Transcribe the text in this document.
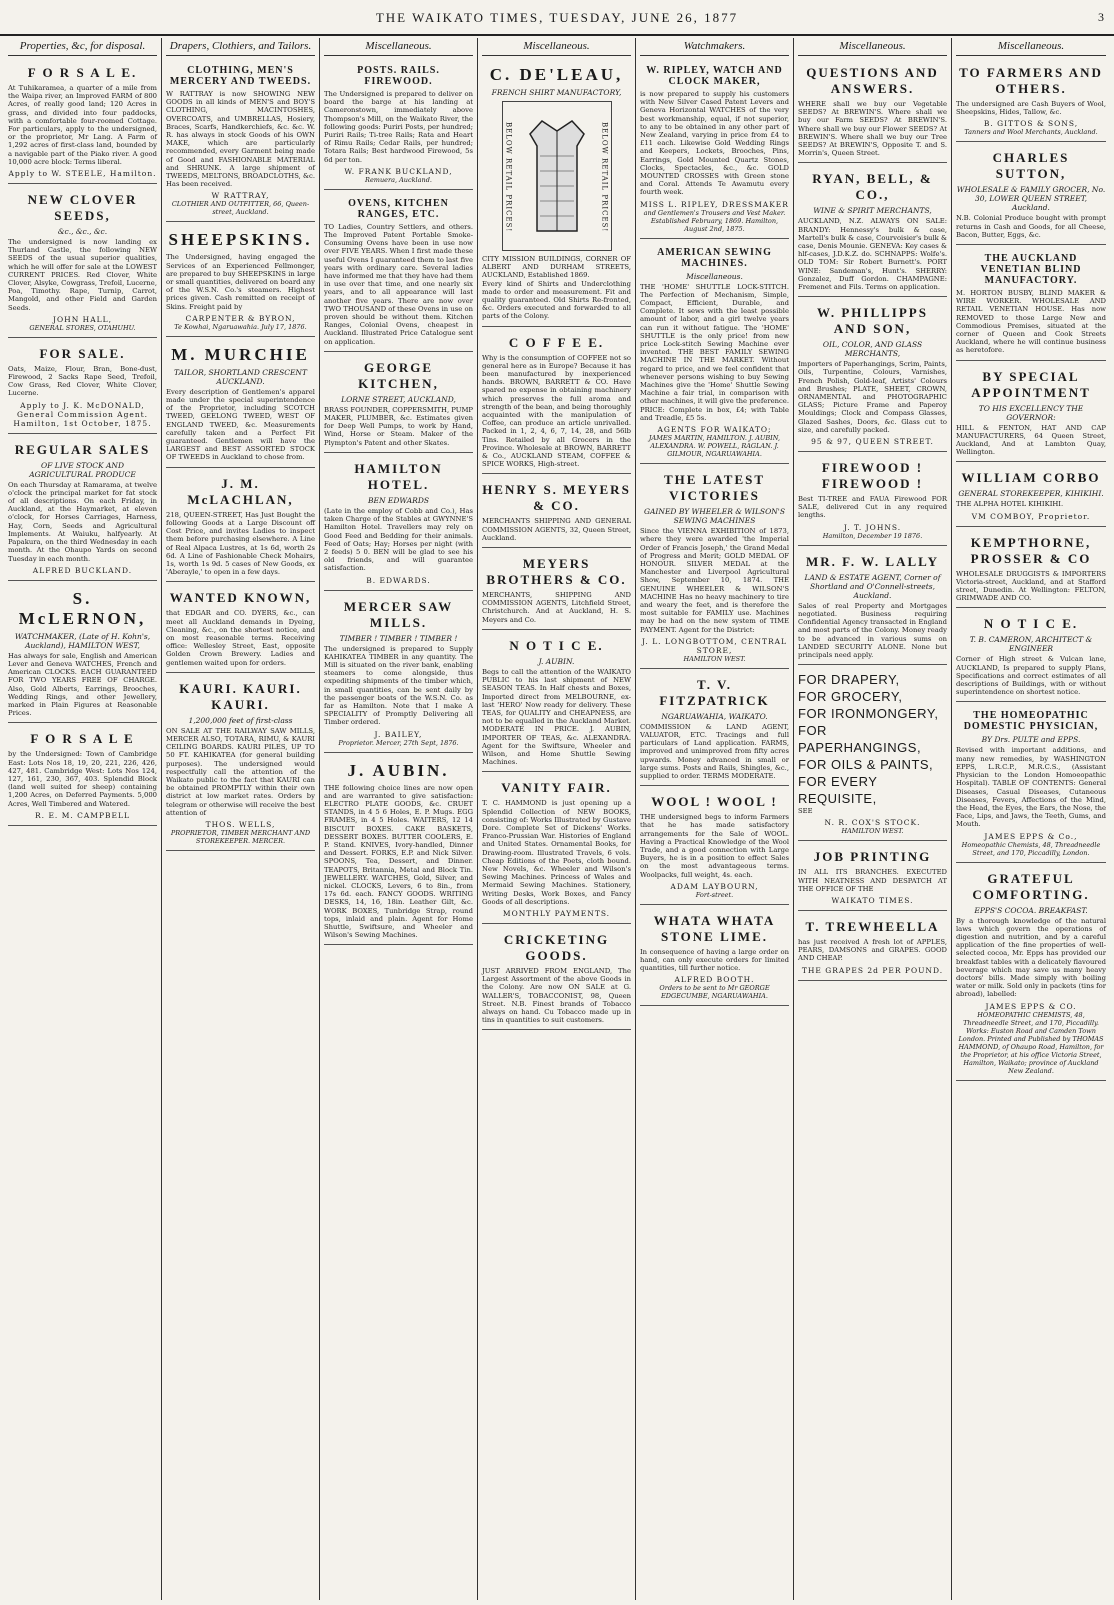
THE WAIKATO TIMES, TUESDAY, JUNE 26, 1877	3
Properties, &c, for disposal.
F O R S A L E.
At Tuhikaramea, a quarter of a mile from the Waipa river, an Improved FARM of 800 Acres, of really good land; 120 Acres in grass, and divided into four paddocks, with a comfortable four-roomed Cottage. For particulars, apply to the undersigned, or the proprietor, Mr Lang. A Farm of 1,292 acres of first-class land, bounded by a navigable part of the Piako river. A good 10,000 acre block: Terms liberal.
Apply to W. STEELE, Hamilton.
NEW CLOVER SEEDS,
&c., &c., &c.
The undersigned is now landing ex Thurland Castle, the following NEW SEEDS of the usual superior qualities, which he will offer for sale at the LOWEST CURRENT PRICES. Red Clover, White Clover, Alsyke, Cowgrass, Trefoil, Lucerne, Poa, Timothy. Rape, Turnip, Carrot, Mangold, and other Field and Garden Seeds.
JOHN HALL,
GENERAL STORES, OTAHUHU.
FOR SALE.
Oats, Maize, Flour, Bran, Bone-dust, Firewood, 2 Sacks Rape Seed, Trefoil, Cow Grass, Red Clover, White Clover, Lucerne.
Apply to J. K. McDONALD, General Commission Agent. Hamilton, 1st October, 1875.
REGULAR SALES
OF LIVE STOCK AND AGRICULTURAL PRODUCE
On each Thursday at Ramarama, at twelve o'clock the principal market for fat stock of all descriptions. On each Friday, in Auckland, at the Haymarket, at eleven o'clock, for Horses Carriages, Harness, Hay, Corn, Seeds and Agricultural Implements. At Waiuku, halfyearly. At Papakura, on the third Wednesday in each month. At the Ohaupo Yards on second Tuesday in each month.
ALFRED BUCKLAND.
S. McLERNON,
WATCHMAKER, (Late of H. Kohn's, Auckland), HAMILTON WEST,
Has always for sale, English and American Lever and Geneva WATCHES, French and American CLOCKS. EACH GUARANTEED FOR TWO YEARS FREE OF CHARGE. Also, Gold Alberts, Earrings, Brooches, Wedding Rings, and other Jewellery, marked in Plain Figures at Reasonable Prices.
F O R S A L E
by the Undersigned: Town of Cambridge East: Lots Nos 18, 19, 20, 221, 226, 426, 427, 481. Cambridge West: Lots Nos 124, 127, 161, 230, 367, 403. Splendid Block (land well suited for sheep) containing 1,200 Acres, on Deferred Payments. 5,000 Acres, Well Timbered and Watered.
R. E. M. CAMPBELL
Drapers, Clothiers, and Tailors.
CLOTHING, MEN'S MERCERY AND TWEEDS.
W RATTRAY is now SHOWING NEW GOODS in all kinds of MEN'S and BOY'S CLOTHING, MACINTOSHES, OVERCOATS, and UMBRELLAS, Hosiery, Braces, Scarfs, Handkerchiefs, &c. &c. W. R. has always in stock Goods of his OWN MAKE, which are particularly recommended, every Garment being made of Good and FASHIONABLE MATERIAL and SHRUNK. A large shipment of TWEEDS, MELTONS, BROADCLOTHS, &c. Has been received.
W RATTRAY,
CLOTHIER AND OUTFITTER, 66, Queen-street, Auckland.
SHEEPSKINS.
The Undersigned, having engaged the Services of an Experienced Fellmonger, are prepared to buy SHEEPSKINS in large or small quantities, delivered on board any of the W.S.N. Co.'s steamers. Highest prices given. Cash remitted on receipt of Skins. Freight paid by
CARPENTER & BYRON,
Te Kowhai, Ngaruawahia. July 17, 1876.
M. MURCHIE
TAILOR, SHORTLAND CRESCENT AUCKLAND.
Every description of Gentlemen's apparel made under the special superintendence of the Proprietor, including SCOTCH TWEED, GEELONG TWEED, WEST OF ENGLAND TWEED, &c. Measurements carefully taken and a Perfect Fit guaranteed. Gentlemen will have the LARGEST and BEST ASSORTED STOCK OF TWEEDS in Auckland to chose from.
J. M. McLACHLAN,
218, QUEEN-STREET, Has Just Bought the following Goods at a Large Discount off Cost Price, and invites Ladies to inspect them before purchasing elsewhere. A Line of Real Alpaca Lustres, at 1s 6d, worth 2s 6d. A Line of Fashionable Check Mohairs, 1s, worth 1s 9d. 5 cases of New Goods, ex 'Aberayle,' to open in a few days.
WANTED KNOWN,
that EDGAR and CO. DYERS, &c., can meet all Auckland demands in Dyeing, Cleaning, &c., on the shortest notice, and on most reasonable terms. Receiving office: Wellesley Street, East, opposite Golden Crown Brewery. Ladies and gentlemen waited upon for orders.
KAURI. KAURI. KAURI.
1,200,000 feet of first-class
ON SALE AT THE RAILWAY SAW MILLS, MERCER ALSO, TOTARA, RIMU, & KAURI CEILING BOARDS. KAURI PILES, UP TO 50 FT. KAHIKATEA (for general building purposes). The undersigned would respectfully call the attention of the Waikato public to the fact that KAURI can be obtained PROMPTLY within their own district at low market rates. Orders by telegram or otherwise will receive the best attention of
THOS. WELLS,
PROPRIETOR, TIMBER MERCHANT AND STOREKEEPER. MERCER.
Miscellaneous.
POSTS. RAILS. FIREWOOD.
The Undersigned is prepared to deliver on board the barge at his landing at Cameronstown, immediately above Thompson's Mill, on the Waikato River, the following goods: Puriri Posts, per hundred; Puriri Rails; Ti-tree Rails; Rata and Heart of Rimu Rails; Cedar Rails, per hundred; Totara Rails; Best hardwood Firewood, 5s 6d per ton.
W. FRANK BUCKLAND,
Remuera, Auckland.
OVENS, KITCHEN RANGES, ETC.
TO Ladies, Country Settlers, and others. The Improved Patent Portable Smoke-Consuming Ovens have been in use now over FIVE YEARS. When I first made these useful Ovens I guaranteed them to last five years with ordinary care. Several ladies have informed me that they have had them in use over that time, and one nearly six years, and to all appearance will last another five years. There are now over TWO THOUSAND of these Ovens in use on proven should be without them. Kitchen Ranges, Colonial Ovens, cheapest in Auckland. Illustrated Price Catalogue sent on application.
GEORGE KITCHEN,
LORNE STREET, AUCKLAND,
BRASS FOUNDER, COPPERSMITH, PUMP MAKER, PLUMBER, &c. Estimates given for Deep Well Pumps, to work by Hand, Wind, Horse or Steam. Maker of the Plympton's Patent and other Skates.
HAMILTON HOTEL.
BEN EDWARDS
(Late in the employ of Cobb and Co.), Has taken Charge of the Stables at GWYNNE'S Hamilton Hotel. Travellers may rely on Good Feed and Bedding for their animals. Feed of Oats; Hay; Horses per night (with 2 feeds) 5 0. BEN will be glad to see his old friends, and will guarantee satisfaction.
B. EDWARDS.
MERCER SAW MILLS.
TIMBER ! TIMBER ! TIMBER !
The undersigned is prepared to Supply KAHIKATEA TIMBER in any quantity. The Mill is situated on the river bank, enabling steamers to come alongside, thus expediting shipments of the timber which, in small quantities, can be sent daily by the passenger boats of the W.S.N. Co. as far as Hamilton. Note that I make A SPECIALITY of Promptly Delivering all Timber ordered.
J. BAILEY,
Proprietor. Mercer, 27th Sept, 1876.
J. AUBIN.
THE following choice lines are now open and are warranted to give satisfaction: ELECTRO PLATE GOODS, &c. CRUET STANDS, in 4 5 6 Holes, E. P. Mugs. EGG FRAMES, in 4 5 Holes. WAITERS, 12 14 BISCUIT BOXES. CAKE BASKETS, DESSERT BOXES. BUTTER COOLERS, E. P. Stand. KNIVES, Ivory-handled, Dinner and Dessert. FORKS, E.P. and Nick Silver. SPOONS, Tea, Dessert, and Dinner. TEAPOTS, Britannia, Metal and Block Tin. JEWELLERY. WATCHES, Gold, Silver, and nickel. CLOCKS, Levers, 6 to 8in., from 17s 6d. each. FANCY GOODS. WRITING DESKS, 14, 16, 18in. Leather Gilt, &c. WORK BOXES, Tunbridge Strap, round tops, inlaid and plain. Agent for Home Shuttle, Swiftsure, and Wheeler and Wilson's Sewing Machines.
Miscellaneous.
C. DE'LEAU,
FRENCH SHIRT MANUFACTORY,
BELOW RETAIL PRICES!	BELOW RETAIL PRICES!
CITY MISSION BUILDINGS, CORNER OF ALBERT AND DURHAM STREETS, AUCKLAND, Established 1869.
Every kind of Shirts and Underclothing made to order and measurement. Fit and quality guaranteed. Old Shirts Re-fronted, &c. Orders executed and forwarded to all parts of the Colony.
C O F F E E.
Why is the consumption of COFFEE not so general here as in Europe? Because it has been manufactured by inexperienced hands. BROWN, BARRETT & CO. Have spared no expense in obtaining machinery which preserves the full aroma and strength of the bean, and being thoroughly acquainted with the manipulation of Coffee, can produce an article unrivalled. Packed in 1, 2, 4, 6, 7, 14, 28, and 56lb Tins. Retailed by all Grocers in the Province. Wholesale at BROWN, BARRETT & Co., AUCKLAND STEAM, COFFEE & SPICE WORKS, High-street.
HENRY S. MEYERS & CO.
MERCHANTS SHIPPING AND GENERAL COMMISSION AGENTS, 32, Queen Street, Auckland.
MEYERS BROTHERS & CO.
MERCHANTS, SHIPPING AND COMMISSION AGENTS, Litchfield Street, Christchurch. And at Auckland, H. S. Meyers and Co.
N O T I C E.
J. AUBIN.
Begs to call the attention of the WAIKATO PUBLIC to his last shipment of NEW SEASON TEAS. In Half chests and Boxes, Imported direct from MELBOURNE, ex-last 'HERO' Now ready for delivery. These TEAS, for QUALITY and CHEAPNESS, are not to be equalled in the Auckland Market. MODERATE IN PRICE. J. AUBIN, IMPORTER OF TEAS, &c. ALEXANDRA. Agent for the Swiftsure, Wheeler and Wilson, and Home Shuttle Sewing Machines.
VANITY FAIR.
T. C. HAMMOND is just opening up a Splendid Collection of NEW BOOKS, consisting of: Works Illustrated by Gustave Dore. Complete Set of Dickens' Works. Franco-Prussian War. Histories of England and United States. Ornamental Books, for Drawing-room. Illustrated Travels, 6 vols. Cheap Editions of the Poets, cloth bound. New Novels, &c. Wheeler and Wilson's Sewing Machines. Princess of Wales and Mermaid Sewing Machines. Stationery, Writing Desks, Work Boxes, and Fancy Goods of all descriptions.
MONTHLY PAYMENTS.
CRICKETING GOODS.
JUST ARRIVED FROM ENGLAND, The Largest Assortment of the above Goods in the Colony. Are now ON SALE at G. WALLER'S, TOBACCONIST, 98, Queen Street. N.B. Finest brands of Tobacco always on hand. Cu Tobacco made up in tins in quantities to suit customers.
Watchmakers.
W. RIPLEY, WATCH AND CLOCK MAKER,
is now prepared to supply his customers with New Silver Cased Patent Levers and Geneva Horizontal WATCHES of the very best workmanship, equal, if not superior, to any to be obtained in any other part of New Zealand, varying in price from £4 to £11 each. Likewise Gold Wedding Rings and Keepers, Lockets, Brooches, Pins, Earrings, Gold Mounted Quartz Stones, Clocks, Spectacles, &c., &c. GOLD MOUNTED CROSSES with Green stone and Coral. Attends Te Awamutu every fourth week.
MISS L. RIPLEY, DRESSMAKER
and Gentlemen's Trousers and Vest Maker. Established February, 1869. Hamilton, August 2nd, 1875.
AMERICAN SEWING MACHINES.
Miscellaneous.
THE 'HOME' SHUTTLE LOCK-STITCH. The Perfection of Mechanism, Simple, Compact, Efficient, Durable, and Complete. It sews with the least possible amount of labor, and a girl twelve years can run it without fatigue. The 'HOME' SHUTTLE is the only price! from new price Lock-stitch Sewing Machine ever invented. THE BEST FAMILY SEWING MACHINE IN THE MARKET. Without regard to price, and we feel confident that whenever persons wishing to buy Sewing Machines give the 'Home' Shuttle Sewing Machine a fair trial, in comparison with other machines, it will give the preference. PRICE: Complete in box, £4; with Table and Treadle, £5 5s.
AGENTS FOR WAIKATO;
JAMES MARTIN, HAMILTON. J. AUBIN, ALEXANDRA. W. POWELL, RAGLAN. J. GILMOUR, NGARUAWAHIA.
THE LATEST VICTORIES
GAINED BY WHEELER & WILSON'S SEWING MACHINES
Since the VIENNA EXHIBITION of 1873, where they were awarded 'the Imperial Order of Francis Joseph,' the Grand Medal of Progress and Merit; GOLD MEDAL OF HONOUR. SILVER MEDAL at the Manchester and Liverpool Agricultural Show, September 10, 1874. THE GENUINE WHEELER & WILSON'S MACHINE Has no heavy machinery to tire and weary the feet, and is therefore the most suitable for FAMILY use. Machines may be had on the new system of TIME PAYMENT. Agent for the District:
J. L. LONGBOTTOM, CENTRAL STORE,
HAMILTON WEST.
T. V. FITZPATRICK
NGARUAWAHIA, WAIKATO.
COMMISSION & LAND AGENT, VALUATOR, ETC. Tracings and full particulars of Land application. FARMS, improved and unimproved from fifty acres upwards. Money advanced in small or large sums. Posts and Rails, Shingles, &c., supplied to order. TERMS MODERATE.
WOOL ! WOOL !
THE undersigned begs to inform Farmers that he has made satisfactory arrangements for the Sale of WOOL. Having a Practical Knowledge of the Wool Trade, and a good connection with Large Buyers, he is in a position to effect Sales on the most advantageous terms. Woolpacks, full weight, 4s. each.
ADAM LAYBOURN,
Fort-street.
WHATA WHATA STONE LIME.
In consequence of having a large order on hand, can only execute orders for limited quantities, till further notice.
ALFRED BOOTH.
Orders to be sent to Mr GEORGE EDGECUMBE, NGARUAWAHIA.
Miscellaneous.
QUESTIONS AND ANSWERS.
WHERE shall we buy our Vegetable SEEDS? At BREWIN'S. Where shall we buy our Farm SEEDS? At BREWIN'S. Where shall we buy our Flower SEEDS? At BREWIN'S. Where shall we buy our Tree SEEDS? At BREWIN'S, Opposite T. and S. Morrin's, Queen Street.
RYAN, BELL, & CO.,
WINE & SPIRIT MERCHANTS,
AUCKLAND, N.Z. ALWAYS ON SALE: BRANDY: Hennessy's bulk & case, Martell's bulk & case, Courvoisier's bulk & case, Denis Mounie. GENEVA: Key cases & hlf-cases, J.D.K.Z. do. SCHNAPPS: Wolfe's. OLD TOM: Sir Robert Burnett's. PORT WINE: Sandeman's, Hunt's. SHERRY: Gonzalez, Duff Gordon. CHAMPAGNE: Fremenet and Fils. Terms on application.
W. PHILLIPPS AND SON,
OIL, COLOR, AND GLASS MERCHANTS,
Importers of Paperhangings, Scrim, Paints, Oils, Turpentine, Colours, Varnishes, French Polish, Gold-leaf, Artists' Colours and Brushes; PLATE, SHEET, CROWN, ORNAMENTAL and PHOTOGRAPHIC GLASS; Picture Frame and Paperoy Mouldings; Clock and Compass Glasses, Glazed Sashes, Doors, &c. Glass cut to size, and carefully packed.
95 & 97, QUEEN STREET.
FIREWOOD ! FIREWOOD !
Best TI-TREE and FAUA Firewood FOR SALE, delivered Cut in any required lengths.
J. T. JOHNS.
Hamilton, December 19 1876.
MR. F. W. LALLY
LAND & ESTATE AGENT, Corner of Shortland and O'Connell-streets, Auckland.
Sales of real Property and Mortgages negotiated. Business requiring Confidential Agency transacted in England and most parts of the Colony. Money ready to be advanced in various sums on LANDED SECURITY ALONE. None but principals need apply.
FOR DRAPERY,
FOR GROCERY,
FOR IRONMONGERY,
FOR PAPERHANGINGS,
FOR OILS & PAINTS,
FOR EVERY REQUISITE,
SEE
N. R. COX'S STOCK.
HAMILTON WEST.
JOB PRINTING
IN ALL ITS BRANCHES. EXECUTED WITH NEATNESS AND DESPATCH AT THE OFFICE OF THE
WAIKATO TIMES.
T. TREWHEELLA
has just received A fresh lot of APPLES, PEARS, DAMSONS and GRAPES. GOOD AND CHEAP.
THE GRAPES 2d PER POUND.
Miscellaneous.
TO FARMERS AND OTHERS.
The undersigned are Cash Buyers of Wool, Sheepskins, Hides, Tallow, &c.
B. GITTOS & SONS,
Tanners and Wool Merchants, Auckland.
CHARLES SUTTON,
WHOLESALE & FAMILY GROCER, No. 30, LOWER QUEEN STREET, Auckland.
N.B. Colonial Produce bought with prompt returns in Cash and Goods, for all Cheese, Bacon, Butter, Eggs, &c.
THE AUCKLAND VENETIAN BLIND MANUFACTORY.
M. HORTON BUSBY, BLIND MAKER & WIRE WORKER. WHOLESALE AND RETAIL VENETIAN HOUSE. Has now REMOVED to those Large New and Commodious Premises, situated at the corner of Queen and Cook Streets Auckland, where he will continue business as heretofore.
BY SPECIAL APPOINTMENT
TO HIS EXCELLENCY THE GOVERNOR:
HILL & FENTON, HAT AND CAP MANUFACTURERS, 64 Queen Street, Auckland, And at Lambton Quay, Wellington.
WILLIAM CORBO
GENERAL STOREKEEPER, KIHIKIHI.
THE ALPHA HOTEL KIHIKIHI.
VM COMBOY, Proprietor.
KEMPTHORNE, PROSSER & CO
WHOLESALE DRUGGISTS & IMPORTERS Victoria-street, Auckland, and at Stafford street, Dunedin. At Wellington: FELTON, GRIMWADE AND CO.
N O T I C E.
T. B. CAMERON, ARCHITECT & ENGINEER
Corner of High street & Vulcan lane, AUCKLAND, Is prepared to supply Plans, Specifications and correct estimates of all descriptions of Buildings, with or without superintendence on shortest notice.
THE HOMEOPATHIC DOMESTIC PHYSICIAN,
BY Drs. PULTE and EPPS.
Revised with important additions, and many new remedies, by WASHINGTON EPPS, L.R.C.P., M.R.C.S., (Assistant Physician to the London Homoeopathic Hospital). TABLE OF CONTENTS: General Diseases, Casual Diseases, Cutaneous Diseases, Fevers, Affections of the Mind, the Head, the Eyes, the Ears, the Nose, the Face, Lips, and Jaws, the Teeth, Gums, and Mouth.
JAMES EPPS & Co.,
Homeopathic Chemists, 48, Threadneedle Street, and 170, Piccadilly, London.
GRATEFUL COMFORTING.
EPPS'S COCOA. BREAKFAST.
By a thorough knowledge of the natural laws which govern the operations of digestion and nutrition, and by a careful application of the fine properties of well-selected cocoa, Mr. Epps has provided our breakfast tables with a delicately flavoured beverage which may save us many heavy doctors' bills. Made simply with boiling water or milk. Sold only in packets (tins for abroad), labelled:
JAMES EPPS & CO.
HOMEOPATHIC CHEMISTS, 48, Threadneedle Street, and 170, Piccadilly. Works: Euston Road and Camden Town London. Printed and Published by THOMAS HAMMOND, of Ohaupo Road, Hamilton, for the Proprietor, at his office Victoria Street, Hamilton, Waikato; province of Auckland New Zealand.
